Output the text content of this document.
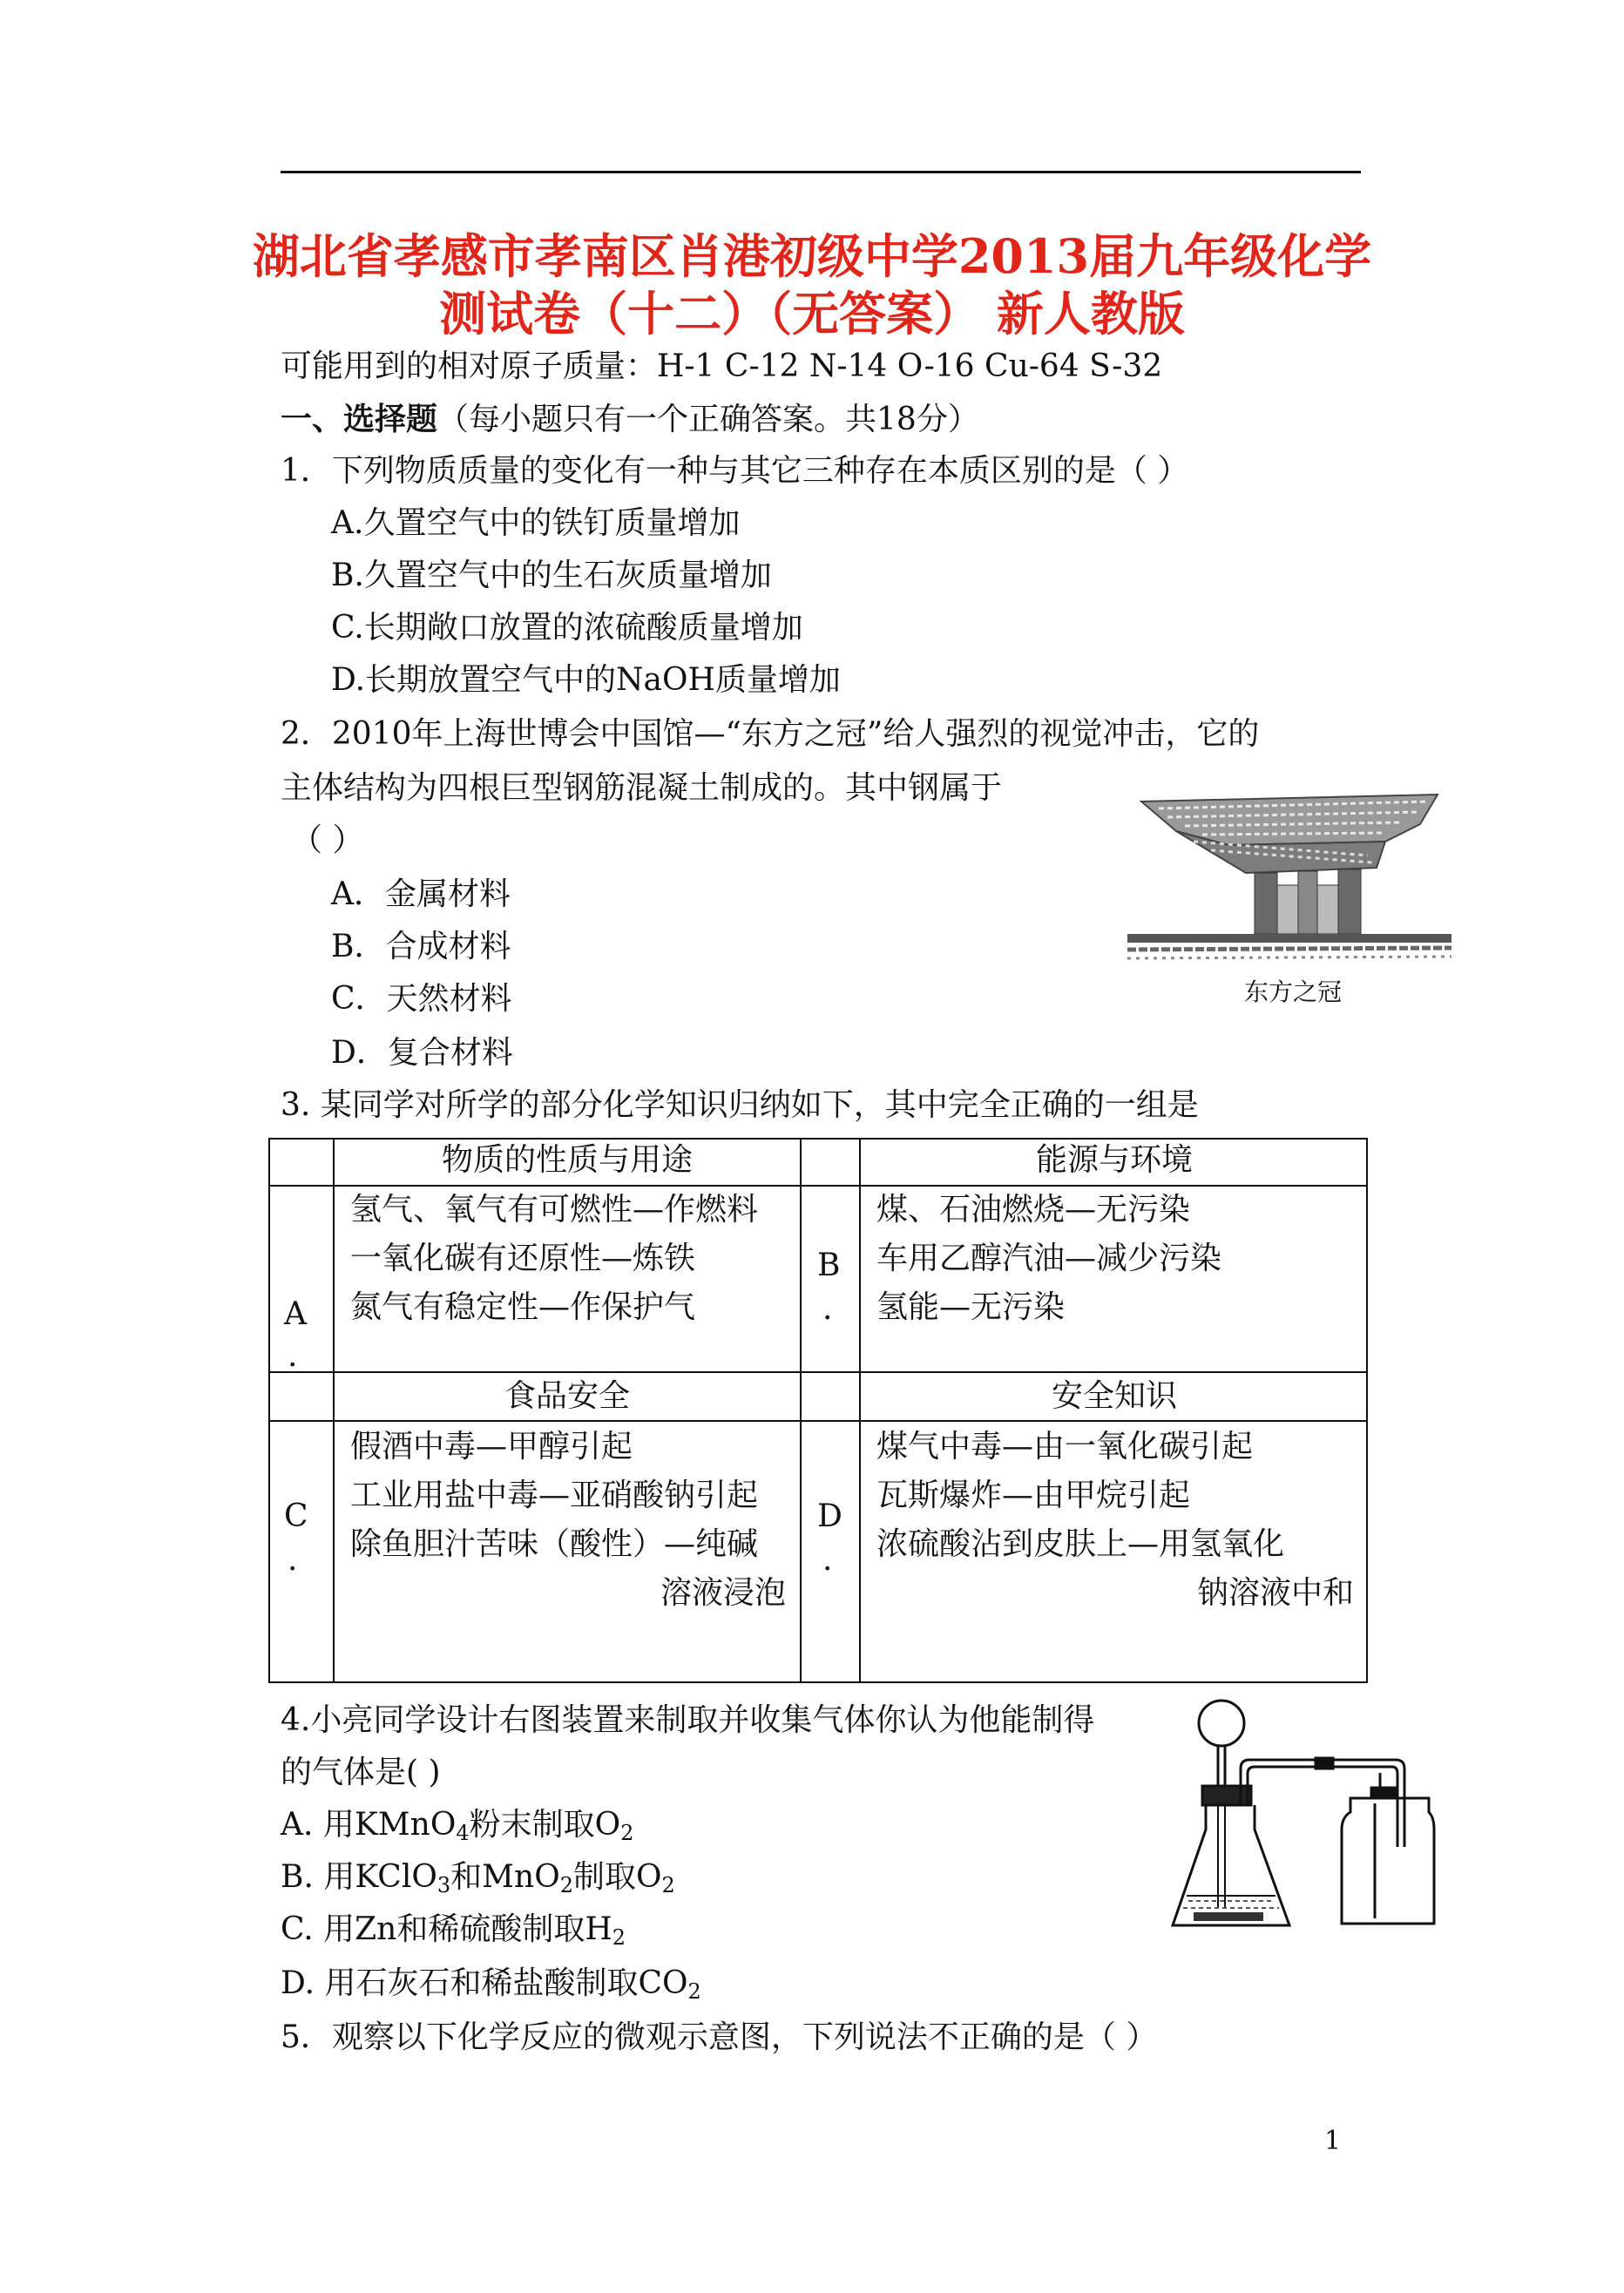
湖北省孝感市孝南区肖港初级中学2013届九年级化学
测试卷（十二）（无答案） 新人教版
可能用到的相对原子质量：H-1 C-12 N-14 O-16 Cu-64 S-32
一、选择题（每小题只有一个正确答案。共18分）
1．下列物质质量的变化有一种与其它三种存在本质区别的是（ ）
A.久置空气中的铁钉质量增加
B.久置空气中的生石灰质量增加
C.长期敞口放置的浓硫酸质量增加
D.长期放置空气中的NaOH质量增加
2．2010年上海世博会中国馆—“东方之冠”给人强烈的视觉冲击，它的
主体结构为四根巨型钢筋混凝土制成的。其中钢属于
（ ）
A．金属材料
B．合成材料
C．天然材料
D．复合材料
东方之冠
3. 某同学对所学的部分化学知识归纳如下，其中完全正确的一组是
物质的性质与用途	能源与环境
食品安全	安全知识
A
.
B
.
C
.
D
.
氢气、氧气有可燃性—作燃料
一氧化碳有还原性—炼铁
氮气有稳定性—作保护气
煤、石油燃烧—无污染
车用乙醇汽油—减少污染
氢能—无污染
假酒中毒—甲醇引起
工业用盐中毒—亚硝酸钠引起
除鱼胆汁苦味（酸性）—纯碱
溶液浸泡
煤气中毒—由一氧化碳引起
瓦斯爆炸—由甲烷引起
浓硫酸沾到皮肤上—用氢氧化
钠溶液中和
4.小亮同学设计右图装置来制取并收集气体你认为他能制得
的气体是( )
A. 用KMnO$_4$粉末制取$O_2$
B. 用KClO$_3$和MnO$_2$制取$O_2$
C. 用Zn和稀硫酸制取$H_2$
D. 用石灰石和稀盐酸制取$CO_2$
5．观察以下化学反应的微观示意图，下列说法不正确的是（ ）
1
